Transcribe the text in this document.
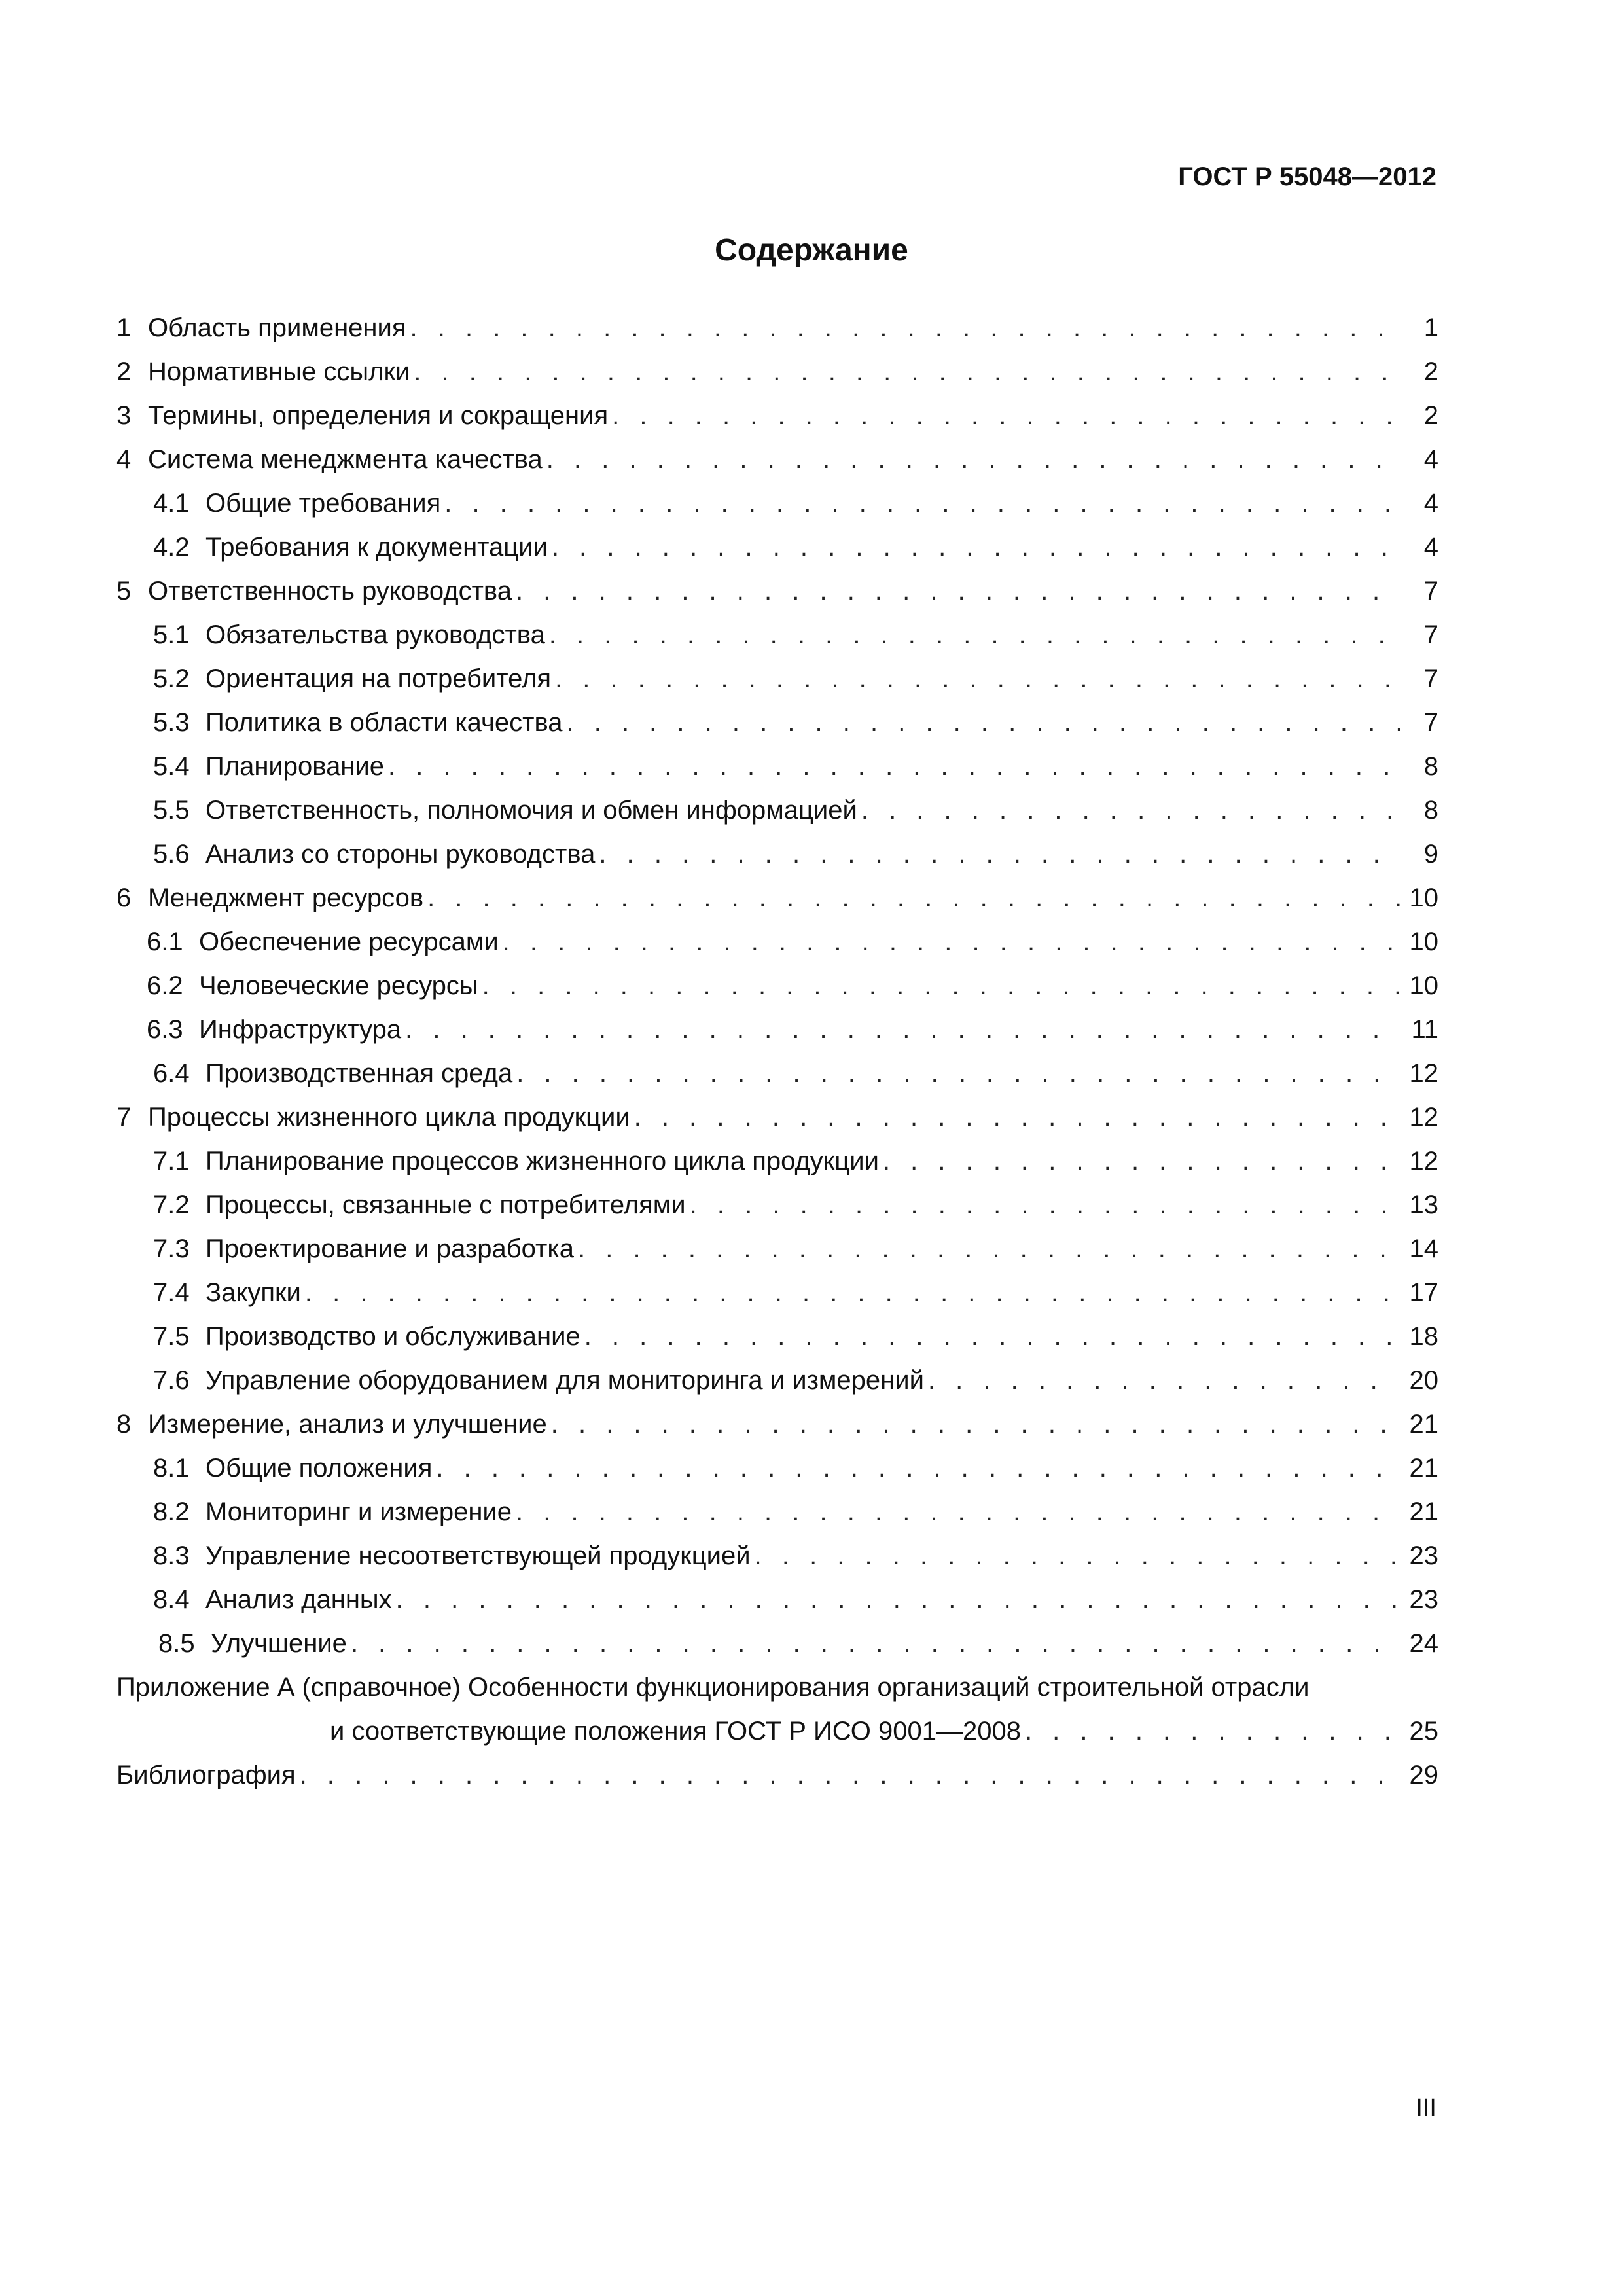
ГОСТ Р 55048—2012
Содержание
1 Область применения . . .	1
2 Нормативные ссылки . . .	2
3 Термины, определения и сокращения . . .	2
4 Система менеджмента качества . . .	4
4.1 Общие требования . . .	4
4.2 Требования к документации . . .	4
5 Ответственность руководства . . .	7
5.1 Обязательства руководства . . .	7
5.2 Ориентация на потребителя . . .	7
5.3 Политика в области качества . . .	7
5.4 Планирование . . .	8
5.5 Ответственность, полномочия и обмен информацией . . .	8
5.6 Анализ со стороны руководства . . .	9
6 Менеджмент ресурсов . . .	10
6.1 Обеспечение ресурсами . . .	10
6.2 Человеческие ресурсы . . .	10
6.3 Инфраструктура . . .	11
6.4 Производственная среда . . .	12
7 Процессы жизненного цикла продукции . . .	12
7.1 Планирование процессов жизненного цикла продукции . . .	12
7.2 Процессы, связанные с потребителями . . .	13
7.3 Проектирование и разработка . . .	14
7.4 Закупки . . .	17
7.5 Производство и обслуживание . . .	18
7.6 Управление оборудованием для мониторинга и измерений . . .	20
8 Измерение, анализ и улучшение . . .	21
8.1 Общие положения . . .	21
8.2 Мониторинг и измерение . . .	21
8.3 Управление несоответствующей продукцией . . .	23
8.4 Анализ данных . . .	23
8.5 Улучшение . . .	24
Приложение А (справочное) Особенности функционирования организаций строительной отрасли
и соответствующие положения ГОСТ Р ИСО 9001—2008 . . .	25
Библиография . . .	29
III
